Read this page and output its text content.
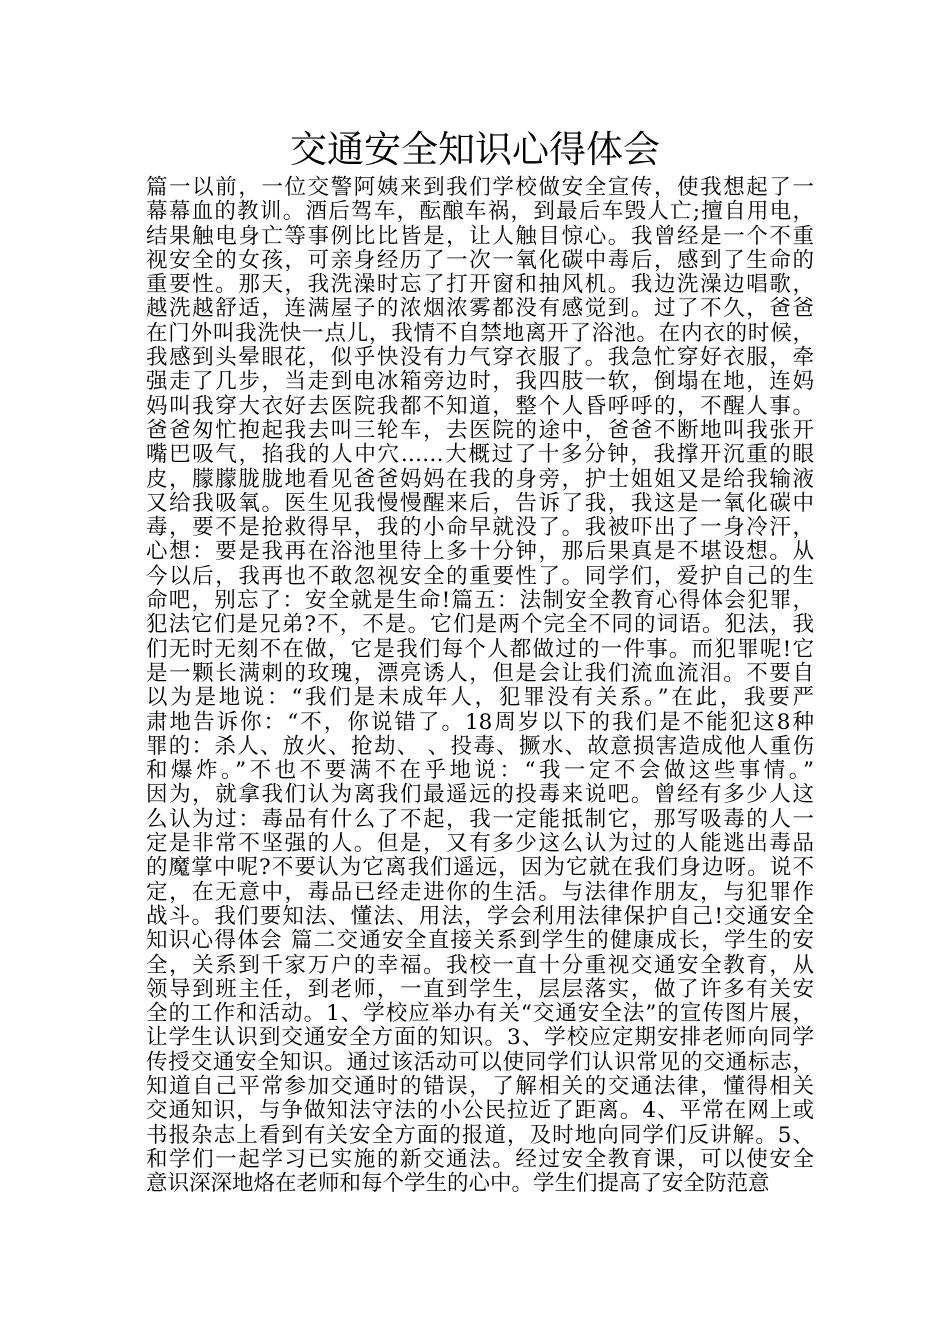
交通安全知识心得体会
篇一以前，一位交警阿姨来到我们学校做安全宣传，使我想起了一
幕幕血的教训。酒后驾车，酝酿车祸，到最后车毁人亡;擅自用电，
结果触电身亡等事例比比皆是，让人触目惊心。我曾经是一个不重
视安全的女孩，可亲身经历了一次一氧化碳中毒后，感到了生命的
重要性。那天，我洗澡时忘了打开窗和抽风机。我边洗澡边唱歌，
越洗越舒适，连满屋子的浓烟浓雾都没有感觉到。过了不久，爸爸
在门外叫我洗快一点儿，我情不自禁地离开了浴池。在内衣的时候，
我感到头晕眼花，似乎快没有力气穿衣服了。我急忙穿好衣服，牵
强走了几步，当走到电冰箱旁边时，我四肢一软，倒塌在地，连妈
妈叫我穿大衣好去医院我都不知道，整个人昏呼呼的，不醒人事。
爸爸匆忙抱起我去叫三轮车，去医院的途中，爸爸不断地叫我张开
嘴巴吸气，掐我的人中穴……大概过了十多分钟，我撑开沉重的眼
皮，朦朦胧胧地看见爸爸妈妈在我的身旁，护士姐姐又是给我输液
又给我吸氧。医生见我慢慢醒来后，告诉了我，我这是一氧化碳中
毒，要不是抢救得早，我的小命早就没了。我被吓出了一身冷汗，
心想：要是我再在浴池里待上多十分钟，那后果真是不堪设想。从
今以后，我再也不敢忽视安全的重要性了。同学们，爱护自己的生
命吧，别忘了：安全就是生命!篇五：法制安全教育心得体会犯罪，
犯法它们是兄弟?不，不是。它们是两个完全不同的词语。犯法，我
们无时无刻不在做，它是我们每个人都做过的一件事。而犯罪呢!它
是一颗长满刺的玫瑰，漂亮诱人，但是会让我们流血流泪。不要自
以为是地说：“我们是未成年人，犯罪没有关系。”在此，我要严
肃地告诉你：“不，你说错了。18周岁以下的我们是不能犯这8种
罪的：杀人、放火、抢劫、 、投毒、撅水、故意损害造成他人重伤
和爆炸。”不也不要满不在乎地说：“我一定不会做这些事情。”
因为，就拿我们认为离我们最遥远的投毒来说吧。曾经有多少人这
么认为过：毒品有什么了不起，我一定能抵制它，那写吸毒的人一
定是非常不坚强的人。但是，又有多少这么认为过的人能逃出毒品
的魔掌中呢?不要认为它离我们遥远，因为它就在我们身边呀。说不
定，在无意中，毒品已经走进你的生活。与法律作朋友，与犯罪作
战斗。我们要知法、懂法、用法，学会利用法律保护自己!交通安全
知识心得体会 篇二交通安全直接关系到学生的健康成长，学生的安
全，关系到千家万户的幸福。我校一直十分重视交通安全教育，从
领导到班主任，到老师，一直到学生，层层落实，做了许多有关安
全的工作和活动。1、学校应举办有关“交通安全法”的宣传图片展，
让学生认识到交通安全方面的知识。3、学校应定期安排老师向同学
传授交通安全知识。通过该活动可以使同学们认识常见的交通标志，
知道自己平常参加交通时的错误，了解相关的交通法律，懂得相关
交通知识，与争做知法守法的小公民拉近了距离。4、平常在网上或
书报杂志上看到有关安全方面的报道，及时地向同学们反讲解。5、
和学们一起学习已实施的新交通法。经过安全教育课，可以使安全
意识深深地烙在老师和每个学生的心中。学生们提高了安全防范意
